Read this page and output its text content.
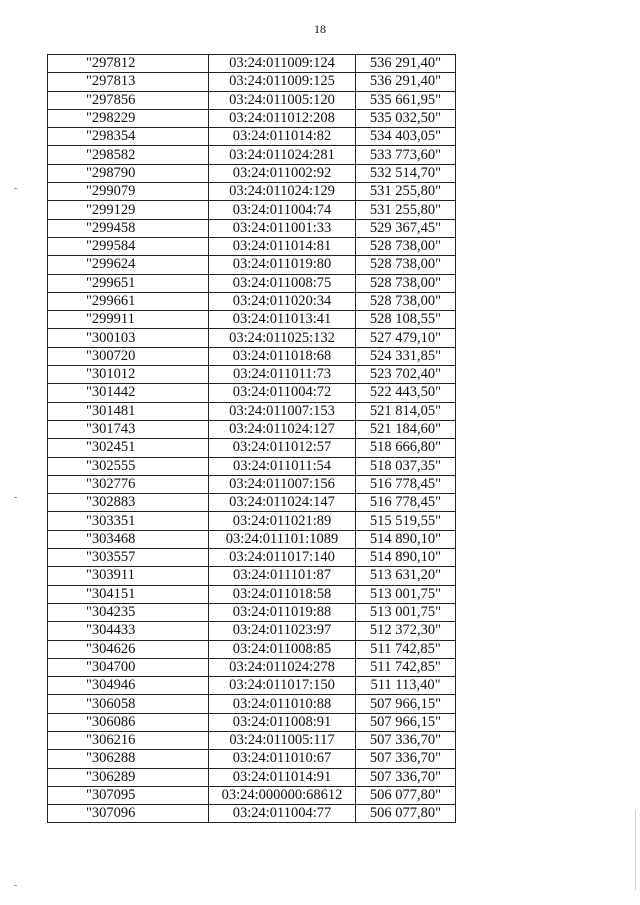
18
"297812	03:24:011009:124	536 291,40"
"297813	03:24:011009:125	536 291,40"
"297856	03:24:011005:120	535 661,95"
"298229	03:24:011012:208	535 032,50"
"298354	03:24:011014:82	534 403,05"
"298582	03:24:011024:281	533 773,60"
"298790	03:24:011002:92	532 514,70"
"299079	03:24:011024:129	531 255,80"
"299129	03:24:011004:74	531 255,80"
"299458	03:24:011001:33	529 367,45"
"299584	03:24:011014:81	528 738,00"
"299624	03:24:011019:80	528 738,00"
"299651	03:24:011008:75	528 738,00"
"299661	03:24:011020:34	528 738,00"
"299911	03:24:011013:41	528 108,55"
"300103	03:24:011025:132	527 479,10"
"300720	03:24:011018:68	524 331,85"
"301012	03:24:011011:73	523 702,40"
"301442	03:24:011004:72	522 443,50"
"301481	03:24:011007:153	521 814,05"
"301743	03:24:011024:127	521 184,60"
"302451	03:24:011012:57	518 666,80"
"302555	03:24:011011:54	518 037,35"
"302776	03:24:011007:156	516 778,45"
"302883	03:24:011024:147	516 778,45"
"303351	03:24:011021:89	515 519,55"
"303468	03:24:011101:1089	514 890,10"
"303557	03:24:011017:140	514 890,10"
"303911	03:24:011101:87	513 631,20"
"304151	03:24:011018:58	513 001,75"
"304235	03:24:011019:88	513 001,75"
"304433	03:24:011023:97	512 372,30"
"304626	03:24:011008:85	511 742,85"
"304700	03:24:011024:278	511 742,85"
"304946	03:24:011017:150	511 113,40"
"306058	03:24:011010:88	507 966,15"
"306086	03:24:011008:91	507 966,15"
"306216	03:24:011005:117	507 336,70"
"306288	03:24:011010:67	507 336,70"
"306289	03:24:011014:91	507 336,70"
"307095	03:24:000000:68612	506 077,80"
"307096	03:24:011004:77	506 077,80"
